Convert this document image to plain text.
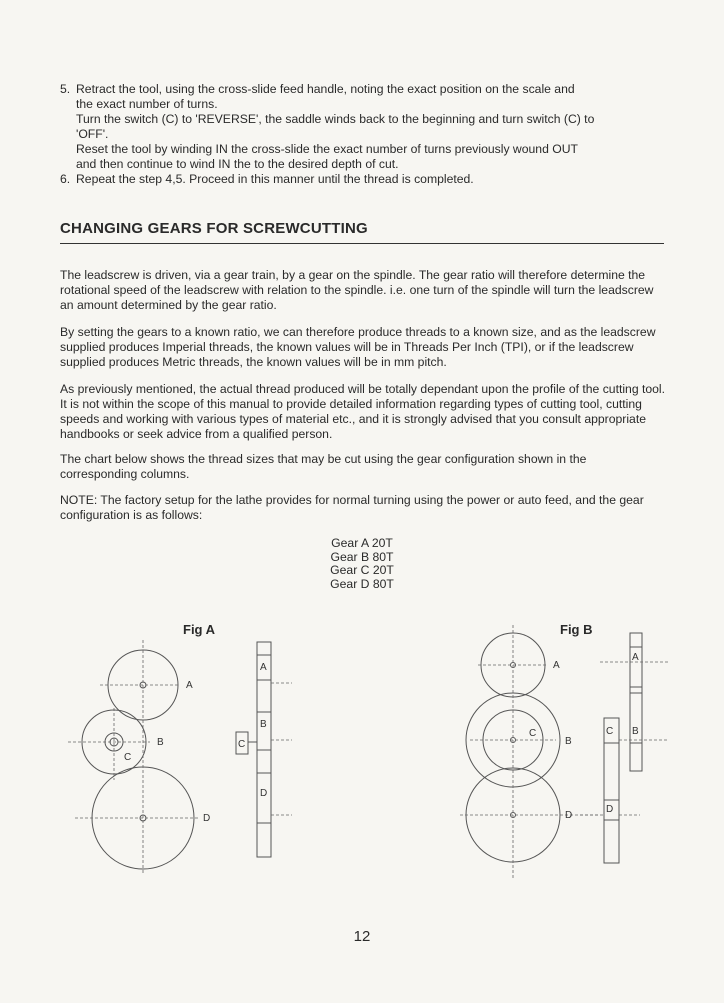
5. Retract the tool, using the cross-slide feed handle, noting the exact position on the scale and
the exact number of turns.
Turn the switch (C) to 'REVERSE', the saddle winds back to the beginning and turn switch (C) to
'OFF'.
Reset the tool by winding IN the cross-slide the exact number of turns previously wound OUT
and then continue to wind IN the to the desired depth of cut.
6. Repeat the step 4,5. Proceed in this manner until the thread is completed.
CHANGING GEARS FOR SCREWCUTTING

The leadscrew is driven, via a gear train, by a gear on the spindle. The gear ratio will therefore determine the rotational speed of the leadscrew with relation to the spindle. i.e. one turn of the spindle will turn the leadscrew an amount determined by the gear ratio.

By setting the gears to a known ratio, we can therefore produce threads to a known size, and as the leadscrew supplied produces Imperial threads, the known values will be in Threads Per Inch (TPI), or if the leadscrew supplied produces Metric threads, the known values will be in mm pitch.

As previously mentioned, the actual thread produced will be totally dependant upon the profile of the cutting tool. It is not within the scope of this manual to provide detailed information regarding types of cutting tool, cutting speeds and working with various types of material etc., and it is strongly advised that you consult appropriate handbooks or seek advice from a qualified person.

The chart below shows the thread sizes that may be cut using the gear configuration shown in the corresponding columns.

NOTE: The factory setup for the lathe provides for normal turning using the power or auto feed, and the gear configuration is as follows:

Gear A 20T
Gear B 80T
Gear C 20T
Gear D 80T
Fig A	Fig B
A
B
C
D
A
B
C
D
A
C
B
D
A
B
C
D
12
